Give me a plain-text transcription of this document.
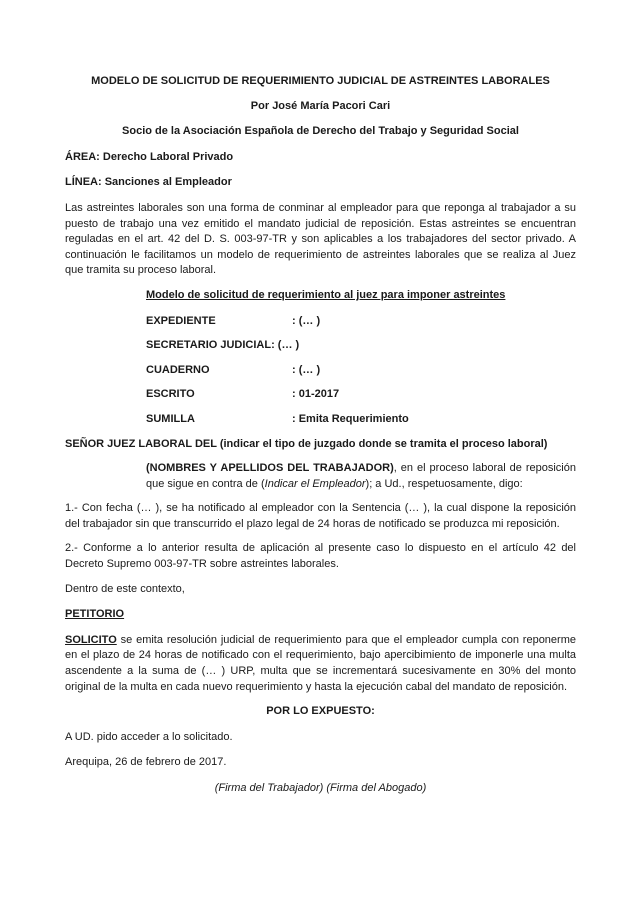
MODELO DE SOLICITUD DE REQUERIMIENTO JUDICIAL DE ASTREINTES LABORALES

Por José María Pacori Cari

Socio de la Asociación Española de Derecho del Trabajo y Seguridad Social

ÁREA: Derecho Laboral Privado

LÍNEA: Sanciones al Empleador

Las astreintes laborales son una forma de conminar al empleador para que reponga al trabajador a su puesto de trabajo una vez emitido el mandato judicial de reposición. Estas astreintes se encuentran reguladas en el art. 42 del D. S. 003-97-TR y son aplicables a los trabajadores del sector privado. A continuación le facilitamos un modelo de requerimiento de astreintes laborales que se realiza al Juez que tramita su proceso laboral.

Modelo de solicitud de requerimiento al juez para imponer astreintes

EXPEDIENTE	: (… )
SECRETARIO JUDICIAL: (… )
CUADERNO	: (… )
ESCRITO	: 01-2017
SUMILLA	: Emita Requerimiento

SEÑOR JUEZ LABORAL DEL (indicar el tipo de juzgado donde se tramita el proceso laboral)

(NOMBRES Y APELLIDOS DEL TRABAJADOR), en el proceso laboral de reposición que sigue en contra de (Indicar el Empleador); a Ud., respetuosamente, digo:

1.- Con fecha (… ), se ha notificado al empleador con la Sentencia (… ), la cual dispone la reposición del trabajador sin que transcurrido el plazo legal de 24 horas de notificado se produzca mi reposición.

2.- Conforme a lo anterior resulta de aplicación al presente caso lo dispuesto en el artículo 42 del Decreto Supremo 003-97-TR sobre astreintes laborales.

Dentro de este contexto,

PETITORIO

SOLICITO se emita resolución judicial de requerimiento para que el empleador cumpla con reponerme en el plazo de 24 horas de notificado con el requerimiento, bajo apercibimiento de imponerle una multa ascendente a la suma de (… ) URP, multa que se incrementará sucesivamente en 30% del monto original de la multa en cada nuevo requerimiento y hasta la ejecución cabal del mandato de reposición.

POR LO EXPUESTO:

A UD. pido acceder a lo solicitado.

Arequipa, 26 de febrero de 2017.

(Firma del Trabajador) (Firma del Abogado)
